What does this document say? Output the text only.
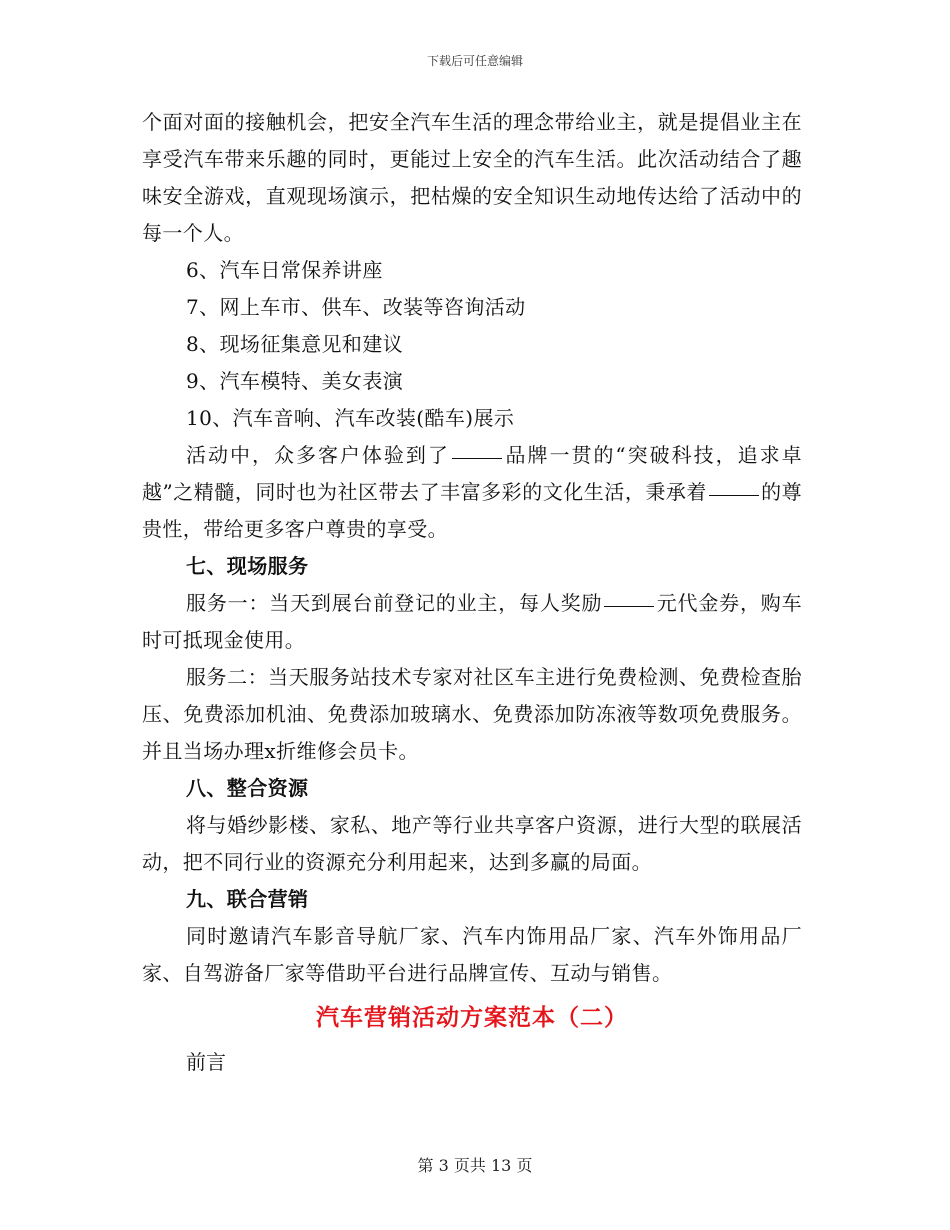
下载后可任意编辑

个面对面的接触机会，把安全汽车生活的理念带给业主，就是提倡业主在享受汽车带来乐趣的同时，更能过上安全的汽车生活。此次活动结合了趣味安全游戏，直观现场演示，把枯燥的安全知识生动地传达给了活动中的每一个人。

6、汽车日常保养讲座

7、网上车市、供车、改装等咨询活动

8、现场征集意见和建议

9、汽车模特、美女表演

10、汽车音响、汽车改装(酷车)展示

活动中，众多客户体验到了	品牌一贯的“突破科技，追求卓越”之精髓，同时也为社区带去了丰富多彩的文化生活，秉承着	的尊贵性，带给更多客户尊贵的享受。

七、现场服务

服务一：当天到展台前登记的业主，每人奖励	元代金券，购车时可抵现金使用。

服务二：当天服务站技术专家对社区车主进行免费检测、免费检查胎压、免费添加机油、免费添加玻璃水、免费添加防冻液等数项免费服务。并且当场办理x折维修会员卡。

八、整合资源

将与婚纱影楼、家私、地产等行业共享客户资源，进行大型的联展活动，把不同行业的资源充分利用起来，达到多赢的局面。

九、联合营销

同时邀请汽车影音导航厂家、汽车内饰用品厂家、汽车外饰用品厂家、自驾游备厂家等借助平台进行品牌宣传、互动与销售。

汽车营销活动方案范本（二）

前言

第 3 页共 13 页
